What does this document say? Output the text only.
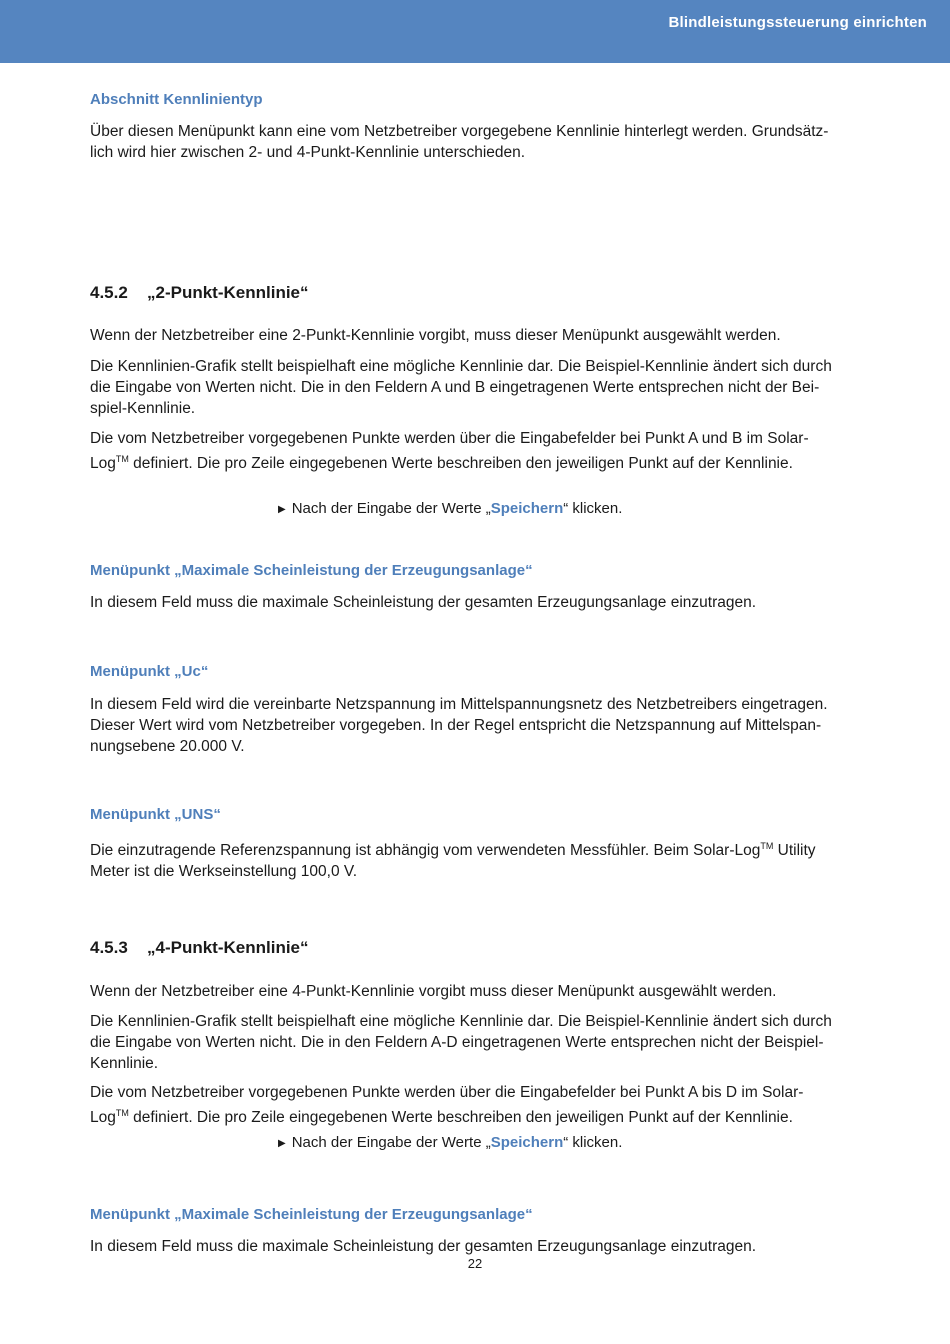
Blindleistungssteuerung einrichten
Abschnitt Kennlinientyp

Über diesen Menüpunkt kann eine vom Netzbetreiber vorgegebene Kennlinie hinterlegt werden. Grundsätz-

lich wird hier zwischen 2- und 4-Punkt-Kennlinie unterschieden.

4.5.2 „2-Punkt-Kennlinie“

Wenn der Netzbetreiber eine 2-Punkt-Kennlinie vorgibt, muss dieser Menüpunkt ausgewählt werden.

Die Kennlinien-Grafik stellt beispielhaft eine mögliche Kennlinie dar. Die Beispiel-Kennlinie ändert sich durch

die Eingabe von Werten nicht. Die in den Feldern A und B eingetragenen Werte entsprechen nicht der Bei-

spiel-Kennlinie.

Die vom Netzbetreiber vorgegebenen Punkte werden über die Eingabefelder bei Punkt A und B im Solar-

Log™ definiert. Die pro Zeile eingegebenen Werte beschreiben den jeweiligen Punkt auf der Kennlinie.

▶ Nach der Eingabe der Werte „Speichern“ klicken.
Menüpunkt „Maximale Scheinleistung der Erzeugungsanlage“

In diesem Feld muss die maximale Scheinleistung der gesamten Erzeugungsanlage einzutragen.

Menüpunkt „Uc“

In diesem Feld wird die vereinbarte Netzspannung im Mittelspannungsnetz des Netzbetreibers eingetragen.

Dieser Wert wird vom Netzbetreiber vorgegeben. In der Regel entspricht die Netzspannung auf Mittelspan-

nungsebene 20.000 V.

Menüpunkt „UNS“

Die einzutragende Referenzspannung ist abhängig vom verwendeten Messfühler. Beim Solar-Log™ Utility

Meter ist die Werkseinstellung 100,0 V.

4.5.3 „4-Punkt-Kennlinie“

Wenn der Netzbetreiber eine 4-Punkt-Kennlinie vorgibt muss dieser Menüpunkt ausgewählt werden.

Die Kennlinien-Grafik stellt beispielhaft eine mögliche Kennlinie dar. Die Beispiel-Kennlinie ändert sich durch

die Eingabe von Werten nicht. Die in den Feldern A-D eingetragenen Werte entsprechen nicht der Beispiel-

Kennlinie.

Die vom Netzbetreiber vorgegebenen Punkte werden über die Eingabefelder bei Punkt A bis D im Solar-

Log™ definiert. Die pro Zeile eingegebenen Werte beschreiben den jeweiligen Punkt auf der Kennlinie.

▶ Nach der Eingabe der Werte „Speichern“ klicken.
Menüpunkt „Maximale Scheinleistung der Erzeugungsanlage“

In diesem Feld muss die maximale Scheinleistung der gesamten Erzeugungsanlage einzutragen.

22
